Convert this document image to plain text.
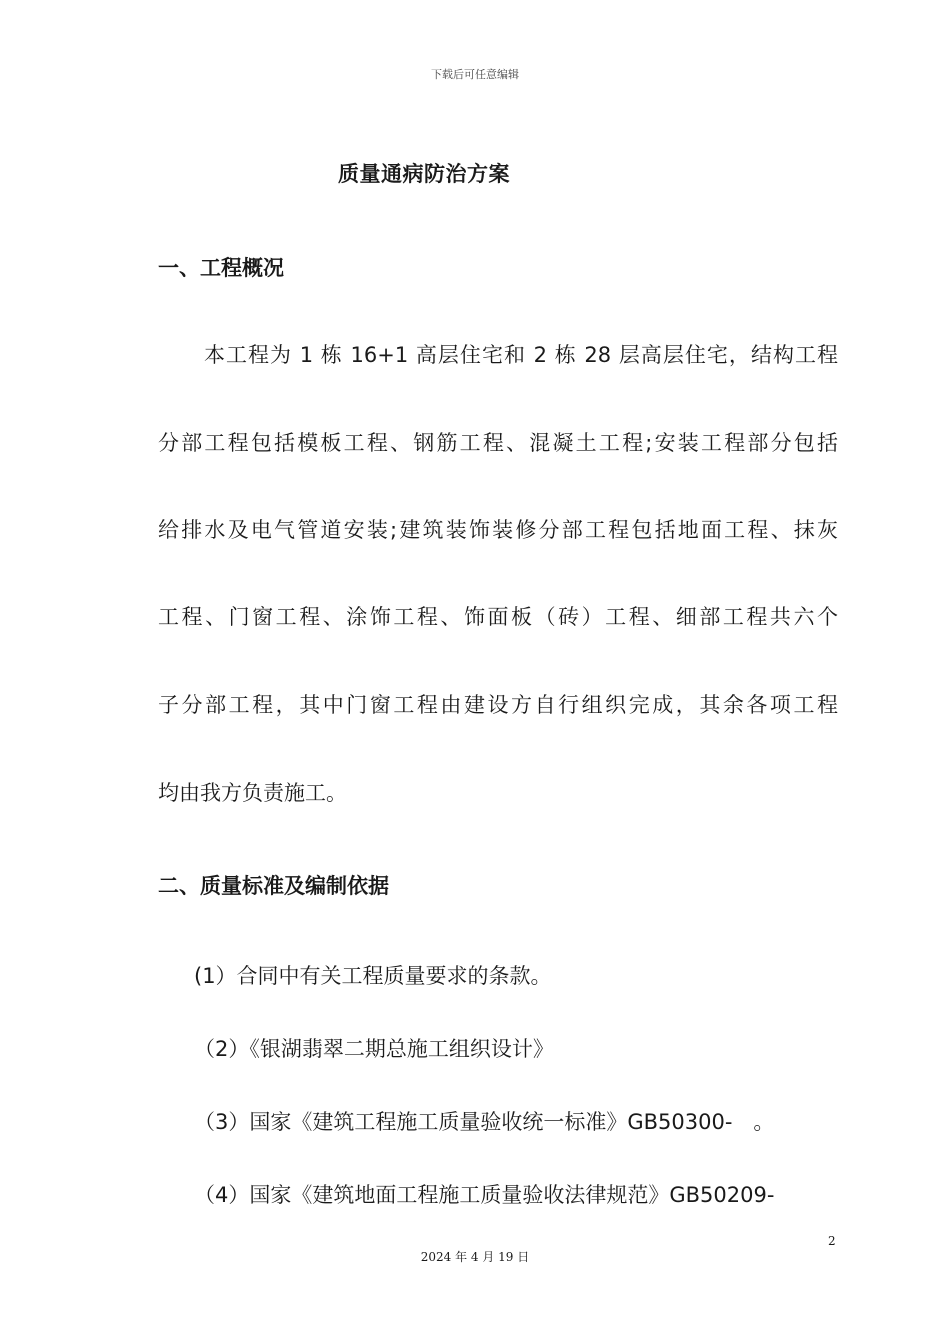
下载后可任意编辑
质量通病防治方案
一、工程概况
本工程为 1 栋 16+1 高层住宅和 2 栋 28 层高层住宅，结构工程
分部工程包括模板工程、钢筋工程、混凝土工程;安装工程部分包括
给排水及电气管道安装;建筑装饰装修分部工程包括地面工程、抹灰
工程、门窗工程、涂饰工程、饰面板（砖）工程、细部工程共六个
子分部工程，其中门窗工程由建设方自行组织完成，其余各项工程
均由我方负责施工。
二、质量标准及编制依据
(1）合同中有关工程质量要求的条款。
（2）《银湖翡翠二期总施工组织设计》
（3）国家《建筑工程施工质量验收统一标准》GB50300-　。
（4）国家《建筑地面工程施工质量验收法律规范》GB50209-
2
2024 年 4 月 19 日
